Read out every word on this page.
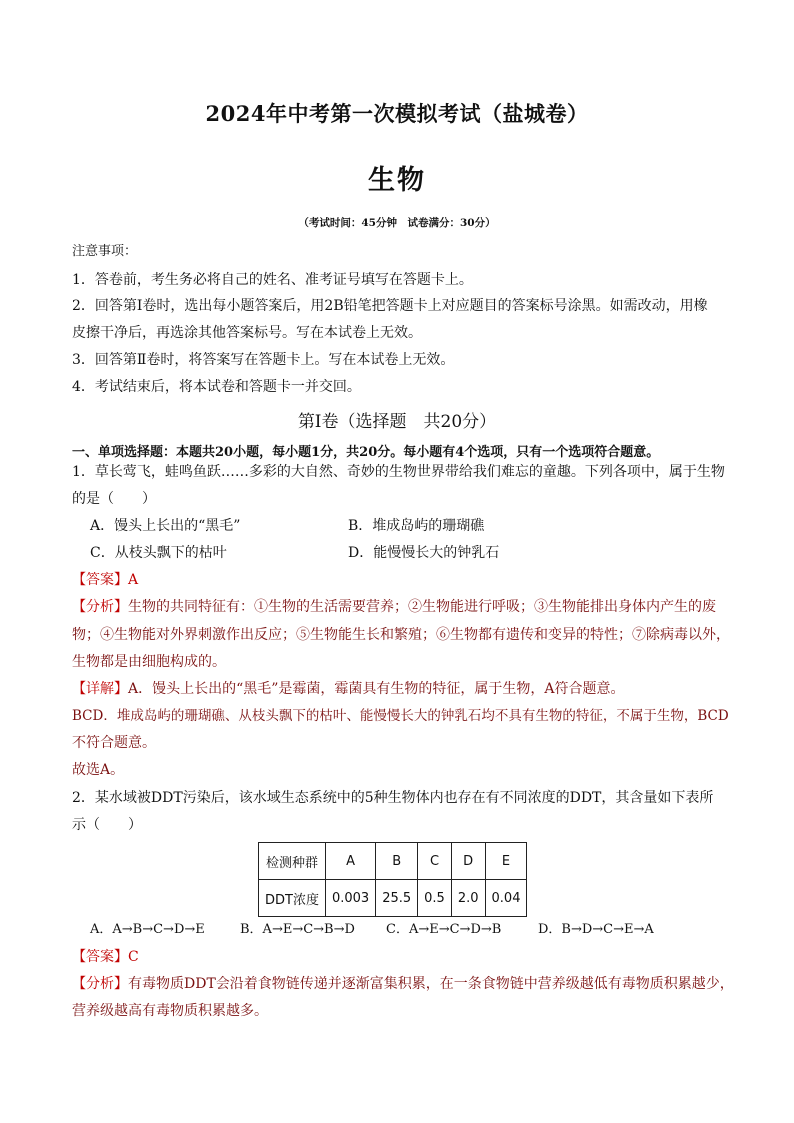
2024年中考第一次模拟考试（盐城卷）
生物
（考试时间：45分钟　试卷满分：30分）
注意事项：
1．答卷前，考生务必将自己的姓名、准考证号填写在答题卡上。
2．回答第Ⅰ卷时，选出每小题答案后，用2B铅笔把答题卡上对应题目的答案标号涂黑。如需改动，用橡
皮擦干净后，再选涂其他答案标号。写在本试卷上无效。
3．回答第Ⅱ卷时，将答案写在答题卡上。写在本试卷上无效。
4．考试结束后，将本试卷和答题卡一并交回。
第Ⅰ卷（选择题　共20分）
一、单项选择题：本题共20小题，每小题1分，共20分。每小题有4个选项，只有一个选项符合题意。
1．草长莺飞，蛙鸣鱼跃……多彩的大自然、奇妙的生物世界带给我们难忘的童趣。下列各项中，属于生物
的是（　　）
A．馒头上长出的“黑毛”	B．堆成岛屿的珊瑚礁
C．从枝头飘下的枯叶	D．能慢慢长大的钟乳石
【答案】A
【分析】生物的共同特征有：①生物的生活需要营养；②生物能进行呼吸；③生物能排出身体内产生的废
物；④生物能对外界刺激作出反应；⑤生物能生长和繁殖；⑥生物都有遗传和变异的特性；⑦除病毒以外，
生物都是由细胞构成的。
【详解】A．馒头上长出的“黑毛”是霉菌，霉菌具有生物的特征，属于生物，A符合题意。
BCD．堆成岛屿的珊瑚礁、从枝头飘下的枯叶、能慢慢长大的钟乳石均不具有生物的特征，不属于生物，BCD
不符合题意。
故选A。
2．某水域被DDT污染后，该水域生态系统中的5种生物体内也存在有不同浓度的DDT，其含量如下表所
示（　　）
检测种群	A	B	C	D	E
DDT浓度	0.003	25.5	0.5	2.0	0.04
A．A→B→C→D→E	B．A→E→C→B→D C．A→E→C→D→B	D．B→D→C→E→A
【答案】C
【分析】有毒物质DDT会沿着食物链传递并逐渐富集积累，在一条食物链中营养级越低有毒物质积累越少，
营养级越高有毒物质积累越多。
